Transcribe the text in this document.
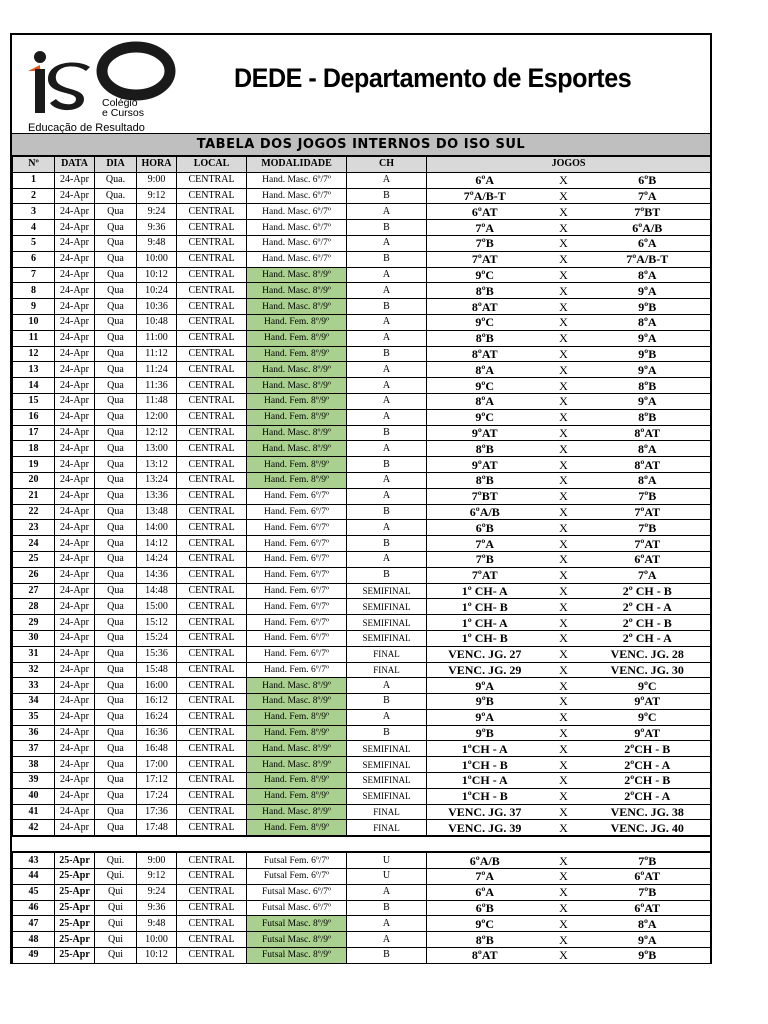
Colégio
e Cursos
Educação de Resultado
DEDE - Departamento de Esportes
TABELA DOS JOGOS INTERNOS DO ISO SUL
Nº	DATA	DIA	HORA	LOCAL	MODALIDADE	CH	JOGOS		
1	24-Apr	Qua.	9:00	CENTRAL	Hand. Masc. 6º/7º	A	6ºA	X	6ºB
2	24-Apr	Qua.	9:12	CENTRAL	Hand. Masc. 6º/7º	B	7ºA/B-T	X	7ºA
3	24-Apr	Qua	9:24	CENTRAL	Hand. Masc. 6º/7º	A	6ºAT	X	7ºBT
4	24-Apr	Qua	9:36	CENTRAL	Hand. Masc. 6º/7º	B	7ºA	X	6ºA/B
5	24-Apr	Qua	9:48	CENTRAL	Hand. Masc. 6º/7º	A	7ºB	X	6ºA
6	24-Apr	Qua	10:00	CENTRAL	Hand. Masc. 6º/7º	B	7ºAT	X	7ºA/B-T
7	24-Apr	Qua	10:12	CENTRAL	Hand. Masc. 8º/9º	A	9ºC	X	8ºA
8	24-Apr	Qua	10:24	CENTRAL	Hand. Masc. 8º/9º	A	8ºB	X	9ºA
9	24-Apr	Qua	10:36	CENTRAL	Hand. Masc. 8º/9º	B	8ºAT	X	9ºB
10	24-Apr	Qua	10:48	CENTRAL	Hand. Fem. 8º/9º	A	9ºC	X	8ºA
11	24-Apr	Qua	11:00	CENTRAL	Hand. Fem. 8º/9º	A	8ºB	X	9ºA
12	24-Apr	Qua	11:12	CENTRAL	Hand. Fem. 8º/9º	B	8ºAT	X	9ºB
13	24-Apr	Qua	11:24	CENTRAL	Hand. Masc. 8º/9º	A	8ºA	X	9ºA
14	24-Apr	Qua	11:36	CENTRAL	Hand. Masc. 8º/9º	A	9ºC	X	8ºB
15	24-Apr	Qua	11:48	CENTRAL	Hand. Fem. 8º/9º	A	8ºA	X	9ºA
16	24-Apr	Qua	12:00	CENTRAL	Hand. Fem. 8º/9º	A	9ºC	X	8ºB
17	24-Apr	Qua	12:12	CENTRAL	Hand. Masc. 8º/9º	B	9ºAT	X	8ºAT
18	24-Apr	Qua	13:00	CENTRAL	Hand. Masc. 8º/9º	A	8ºB	X	8ºA
19	24-Apr	Qua	13:12	CENTRAL	Hand. Fem. 8º/9º	B	9ºAT	X	8ºAT
20	24-Apr	Qua	13:24	CENTRAL	Hand. Fem. 8º/9º	A	8ºB	X	8ºA
21	24-Apr	Qua	13:36	CENTRAL	Hand. Fem. 6º/7º	A	7ºBT	X	7ºB
22	24-Apr	Qua	13:48	CENTRAL	Hand. Fem. 6º/7º	B	6ºA/B	X	7ºAT
23	24-Apr	Qua	14:00	CENTRAL	Hand. Fem. 6º/7º	A	6ºB	X	7ºB
24	24-Apr	Qua	14:12	CENTRAL	Hand. Fem. 6º/7º	B	7ºA	X	7ºAT
25	24-Apr	Qua	14:24	CENTRAL	Hand. Fem. 6º/7º	A	7ºB	X	6ºAT
26	24-Apr	Qua	14:36	CENTRAL	Hand. Fem. 6º/7º	B	7ºAT	X	7ºA
27	24-Apr	Qua	14:48	CENTRAL	Hand. Fem. 6º/7º	SEMIFINAL	1º CH- A	X	2º CH - B
28	24-Apr	Qua	15:00	CENTRAL	Hand. Fem. 6º/7º	SEMIFINAL	1º CH- B	X	2º CH - A
29	24-Apr	Qua	15:12	CENTRAL	Hand. Fem. 6º/7º	SEMIFINAL	1º CH- A	X	2º CH - B
30	24-Apr	Qua	15:24	CENTRAL	Hand. Fem. 6º/7º	SEMIFINAL	1º CH- B	X	2º CH - A
31	24-Apr	Qua	15:36	CENTRAL	Hand. Fem. 6º/7º	FINAL	VENC. JG. 27	X	VENC. JG. 28
32	24-Apr	Qua	15:48	CENTRAL	Hand. Fem. 6º/7º	FINAL	VENC. JG. 29	X	VENC. JG. 30
33	24-Apr	Qua	16:00	CENTRAL	Hand. Masc. 8º/9º	A	9ºA	X	9ºC
34	24-Apr	Qua	16:12	CENTRAL	Hand. Masc. 8º/9º	B	9ºB	X	9ºAT
35	24-Apr	Qua	16:24	CENTRAL	Hand. Fem. 8º/9º	A	9ºA	X	9ºC
36	24-Apr	Qua	16:36	CENTRAL	Hand. Fem. 8º/9º	B	9ºB	X	9ºAT
37	24-Apr	Qua	16:48	CENTRAL	Hand. Masc. 8º/9º	SEMIFINAL	1ºCH - A	X	2ºCH - B
38	24-Apr	Qua	17:00	CENTRAL	Hand. Masc. 8º/9º	SEMIFINAL	1ºCH - B	X	2ºCH - A
39	24-Apr	Qua	17:12	CENTRAL	Hand. Fem. 8º/9º	SEMIFINAL	1ºCH - A	X	2ºCH - B
40	24-Apr	Qua	17:24	CENTRAL	Hand. Fem. 8º/9º	SEMIFINAL	1ºCH - B	X	2ºCH - A
41	24-Apr	Qua	17:36	CENTRAL	Hand. Masc. 8º/9º	FINAL	VENC. JG. 37	X	VENC. JG. 38
42	24-Apr	Qua	17:48	CENTRAL	Hand. Fem. 8º/9º	FINAL	VENC. JG. 39	X	VENC. JG. 40

43	25-Apr	Qui.	9:00	CENTRAL	Futsal Fem. 6º/7º	U	6ºA/B	X	7ºB
44	25-Apr	Qui.	9:12	CENTRAL	Futsal Fem. 6º/7º	U	7ºA	X	6ºAT
45	25-Apr	Qui	9:24	CENTRAL	Futsal Masc. 6º/7º	A	6ºA	X	7ºB
46	25-Apr	Qui	9:36	CENTRAL	Futsal Masc. 6º/7º	B	6ºB	X	6ºAT
47	25-Apr	Qui	9:48	CENTRAL	Futsal Masc. 8º/9º	A	9ºC	X	8ºA
48	25-Apr	Qui	10:00	CENTRAL	Futsal Masc. 8º/9º	A	8ºB	X	9ºA
49	25-Apr	Qui	10:12	CENTRAL	Futsal Masc. 8º/9º	B	8ºAT	X	9ºB
